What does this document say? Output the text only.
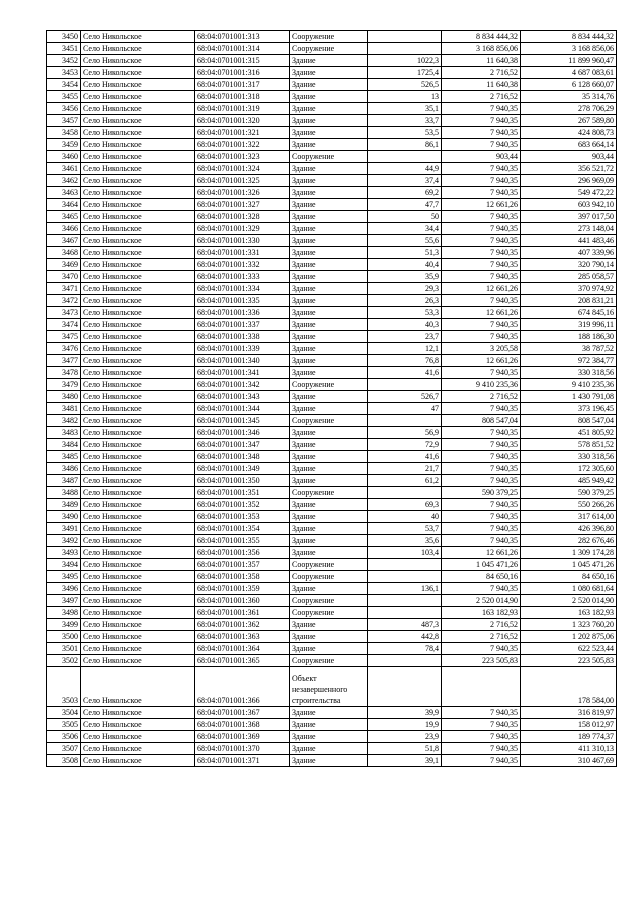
3450	Село Никольское	68:04:0701001:313	Сооружение		8 834 444,32	8 834 444,32
3451	Село Никольское	68:04:0701001:314	Сооружение		3 168 856,06	3 168 856,06
3452	Село Никольское	68:04:0701001:315	Здание	1022,3	11 640,38	11 899 960,47
3453	Село Никольское	68:04:0701001:316	Здание	1725,4	2 716,52	4 687 083,61
3454	Село Никольское	68:04:0701001:317	Здание	526,5	11 640,38	6 128 660,07
3455	Село Никольское	68:04:0701001:318	Здание	13	2 716,52	35 314,76
3456	Село Никольское	68:04:0701001:319	Здание	35,1	7 940,35	278 706,29
3457	Село Никольское	68:04:0701001:320	Здание	33,7	7 940,35	267 589,80
3458	Село Никольское	68:04:0701001:321	Здание	53,5	7 940,35	424 808,73
3459	Село Никольское	68:04:0701001:322	Здание	86,1	7 940,35	683 664,14
3460	Село Никольское	68:04:0701001:323	Сооружение		903,44	903,44
3461	Село Никольское	68:04:0701001:324	Здание	44,9	7 940,35	356 521,72
3462	Село Никольское	68:04:0701001:325	Здание	37,4	7 940,35	296 969,09
3463	Село Никольское	68:04:0701001:326	Здание	69,2	7 940,35	549 472,22
3464	Село Никольское	68:04:0701001:327	Здание	47,7	12 661,26	603 942,10
3465	Село Никольское	68:04:0701001:328	Здание	50	7 940,35	397 017,50
3466	Село Никольское	68:04:0701001:329	Здание	34,4	7 940,35	273 148,04
3467	Село Никольское	68:04:0701001:330	Здание	55,6	7 940,35	441 483,46
3468	Село Никольское	68:04:0701001:331	Здание	51,3	7 940,35	407 339,96
3469	Село Никольское	68:04:0701001:332	Здание	40,4	7 940,35	320 790,14
3470	Село Никольское	68:04:0701001:333	Здание	35,9	7 940,35	285 058,57
3471	Село Никольское	68:04:0701001:334	Здание	29,3	12 661,26	370 974,92
3472	Село Никольское	68:04:0701001:335	Здание	26,3	7 940,35	208 831,21
3473	Село Никольское	68:04:0701001:336	Здание	53,3	12 661,26	674 845,16
3474	Село Никольское	68:04:0701001:337	Здание	40,3	7 940,35	319 996,11
3475	Село Никольское	68:04:0701001:338	Здание	23,7	7 940,35	188 186,30
3476	Село Никольское	68:04:0701001:339	Здание	12,1	3 205,58	38 787,52
3477	Село Никольское	68:04:0701001:340	Здание	76,8	12 661,26	972 384,77
3478	Село Никольское	68:04:0701001:341	Здание	41,6	7 940,35	330 318,56
3479	Село Никольское	68:04:0701001:342	Сооружение		9 410 235,36	9 410 235,36
3480	Село Никольское	68:04:0701001:343	Здание	526,7	2 716,52	1 430 791,08
3481	Село Никольское	68:04:0701001:344	Здание	47	7 940,35	373 196,45
3482	Село Никольское	68:04:0701001:345	Сооружение		808 547,04	808 547,04
3483	Село Никольское	68:04:0701001:346	Здание	56,9	7 940,35	451 805,92
3484	Село Никольское	68:04:0701001:347	Здание	72,9	7 940,35	578 851,52
3485	Село Никольское	68:04:0701001:348	Здание	41,6	7 940,35	330 318,56
3486	Село Никольское	68:04:0701001:349	Здание	21,7	7 940,35	172 305,60
3487	Село Никольское	68:04:0701001:350	Здание	61,2	7 940,35	485 949,42
3488	Село Никольское	68:04:0701001:351	Сооружение		590 379,25	590 379,25
3489	Село Никольское	68:04:0701001:352	Здание	69,3	7 940,35	550 266,26
3490	Село Никольское	68:04:0701001:353	Здание	40	7 940,35	317 614,00
3491	Село Никольское	68:04:0701001:354	Здание	53,7	7 940,35	426 396,80
3492	Село Никольское	68:04:0701001:355	Здание	35,6	7 940,35	282 676,46
3493	Село Никольское	68:04:0701001:356	Здание	103,4	12 661,26	1 309 174,28
3494	Село Никольское	68:04:0701001:357	Сооружение		1 045 471,26	1 045 471,26
3495	Село Никольское	68:04:0701001:358	Сооружение		84 650,16	84 650,16
3496	Село Никольское	68:04:0701001:359	Здание	136,1	7 940,35	1 080 681,64
3497	Село Никольское	68:04:0701001:360	Сооружение		2 520 014,90	2 520 014,90
3498	Село Никольское	68:04:0701001:361	Сооружение		163 182,93	163 182,93
3499	Село Никольское	68:04:0701001:362	Здание	487,3	2 716,52	1 323 760,20
3500	Село Никольское	68:04:0701001:363	Здание	442,8	2 716,52	1 202 875,06
3501	Село Никольское	68:04:0701001:364	Здание	78,4	7 940,35	622 523,44
3502	Село Никольское	68:04:0701001:365	Сооружение		223 505,83	223 505,83
3503	Село Никольское	68:04:0701001:366	Объект незавершенного строительства			178 584,00
3504	Село Никольское	68:04:0701001:367	Здание	39,9	7 940,35	316 819,97
3505	Село Никольское	68:04:0701001:368	Здание	19,9	7 940,35	158 012,97
3506	Село Никольское	68:04:0701001:369	Здание	23,9	7 940,35	189 774,37
3507	Село Никольское	68:04:0701001:370	Здание	51,8	7 940,35	411 310,13
3508	Село Никольское	68:04:0701001:371	Здание	39,1	7 940,35	310 467,69
